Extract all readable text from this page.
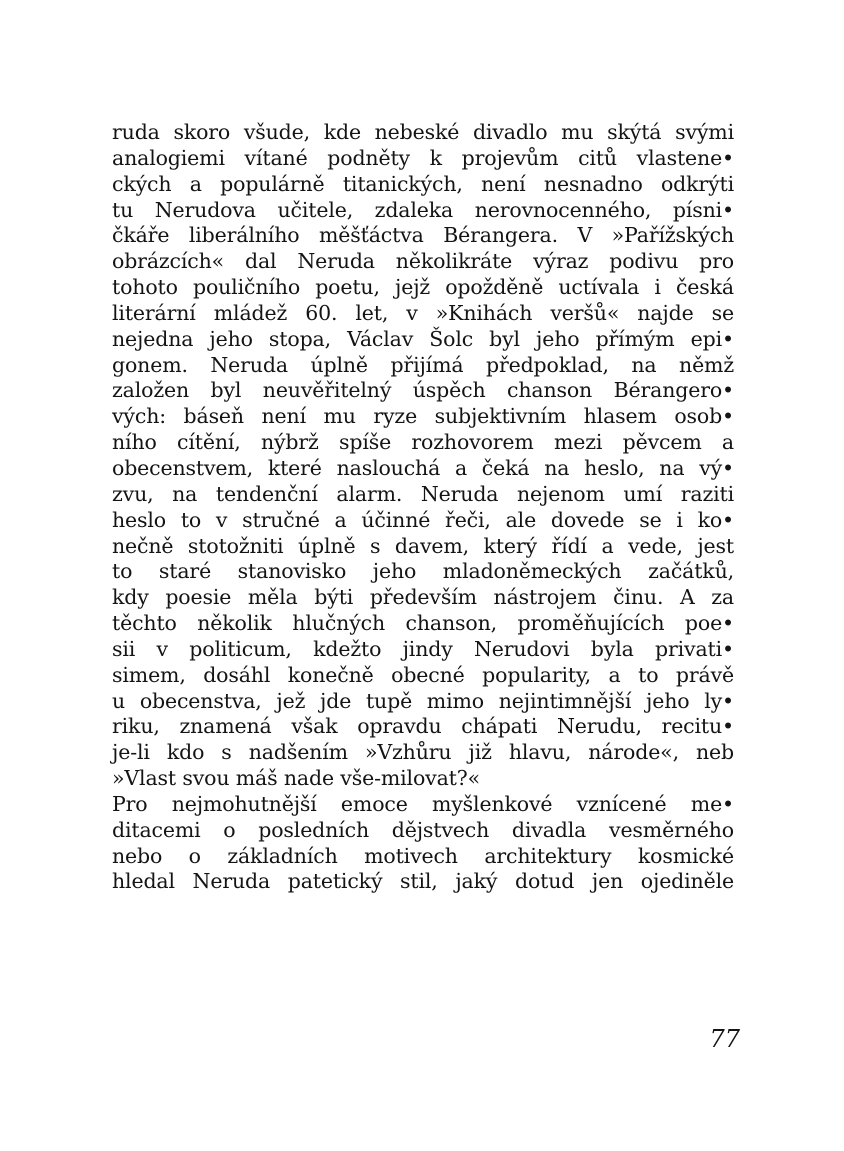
ruda skoro všude, kde nebeské divadlo mu skýtá svými
analogiemi vítané podněty k projevům citů vlastene•
ckých a populárně titanických, není nesnadno odkrýti
tu Nerudova učitele, zdaleka nerovnocenného, písni•
čkáře liberálního měšťáctva Bérangera. V »Pařížských
obrázcích« dal Neruda několikráte výraz podivu pro
tohoto pouličního poetu, jejž opožděně uctívala i česká
literární mládež 60. let, v »Knihách veršů« najde se
nejedna jeho stopa, Václav Šolc byl jeho přímým epi•
gonem. Neruda úplně přijímá předpoklad, na němž
založen byl neuvěřitelný úspěch chanson Bérangero•
vých: báseň není mu ryze subjektivním hlasem osob•
ního cítění, nýbrž spíše rozhovorem mezi pěvcem a
obecenstvem, které naslouchá a čeká na heslo, na vý•
zvu, na tendenční alarm. Neruda nejenom umí raziti
heslo to v stručné a účinné řeči, ale dovede se i ko•
nečně stotožniti úplně s davem, který řídí a vede, jest
to staré stanovisko jeho mladoněmeckých začátků,
kdy poesie měla býti především nástrojem činu. A za
těchto několik hlučných chanson, proměňujících poe•
sii v politicum, kdežto jindy Nerudovi byla privati•
simem, dosáhl konečně obecné popularity, a to právě
u obecenstva, jež jde tupě mimo nejintimnější jeho ly•
riku, znamená však opravdu chápati Nerudu, recitu•
je-li kdo s nadšením »Vzhůru již hlavu, národe«, neb
»Vlast svou máš nade vše-milovat?«
Pro nejmohutnější emoce myšlenkové vznícené me•
ditacemi o posledních dějstvech divadla vesměrného
nebo o základních motivech architektury kosmické
hledal Neruda patetický stil, jaký dotud jen ojediněle
77
